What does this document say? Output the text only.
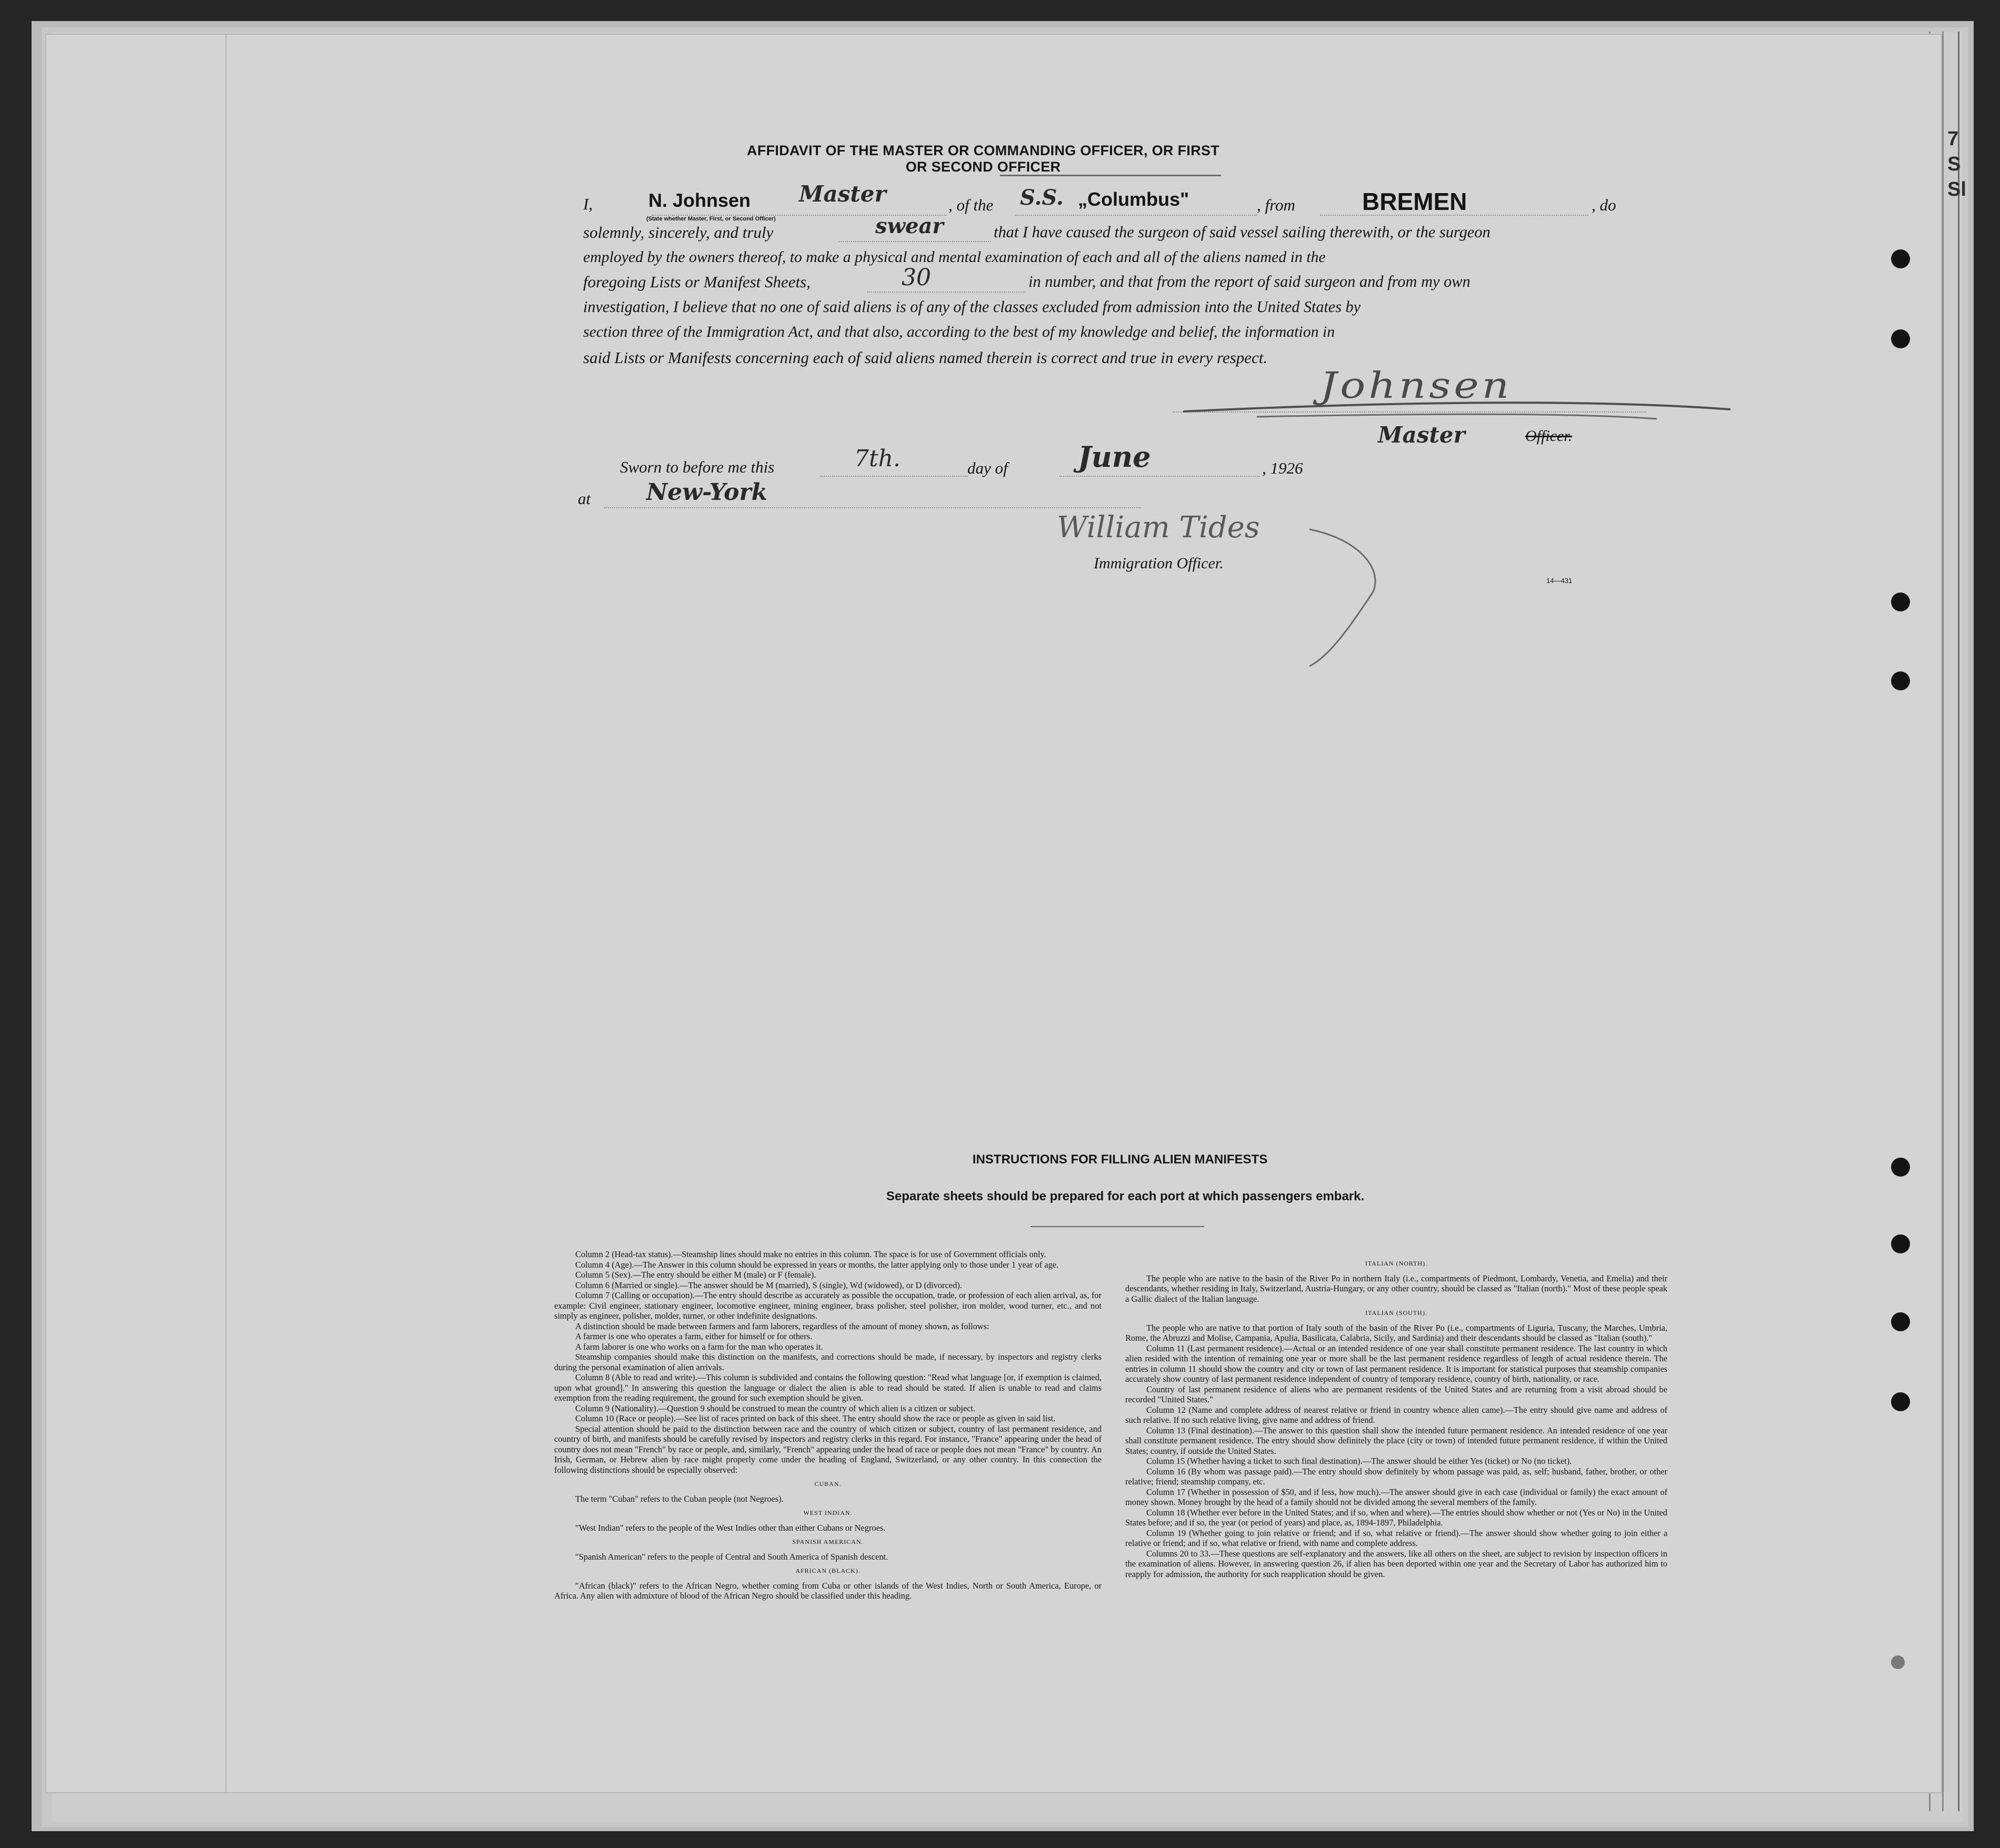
7
S
Sl
AFFIDAVIT OF THE MASTER OR COMMANDING OFFICER, OR FIRST OR SECOND OFFICER
I,	N. Johnsen Master
(State whether Master, First, or Second Officer)
, of the S.S. „Columbus"	, from	BREMEN	, do
solemnly, sincerely, and truly	swear	that I have caused the surgeon of said vessel sailing therewith, or the surgeon
employed by the owners thereof, to make a physical and mental examination of each and all of the aliens named in the
foregoing Lists or Manifest Sheets,	30	in number, and that from the report of said surgeon and from my own
investigation, I believe that no one of said aliens is of any of the classes excluded from admission into the United States by
section three of the Immigration Act, and that also, according to the best of my knowledge and belief, the information in
said Lists or Manifests concerning each of said aliens named therein is correct and true in every respect.
Johnsen
Master	Officer.
Sworn to before me this	7th.	day of June	, 1926
at New-York
William Tides
Immigration Officer.
14—431
INSTRUCTIONS FOR FILLING ALIEN MANIFESTS
Separate sheets should be prepared for each port at which passengers embark.

Column 2 (Head-tax status).—Steamship lines should make no entries in this column. The space is for use of Government officials only.

Column 4 (Age).—The Answer in this column should be expressed in years or months, the latter applying only to those under 1 year of age.

Column 5 (Sex).—The entry should be either M (male) or F (female).

Column 6 (Married or single).—The answer should be M (married), S (single), Wd (widowed), or D (divorced).

Column 7 (Calling or occupation).—The entry should describe as accurately as possible the occupation, trade, or profession of each alien arrival, as, for example: Civil engineer, stationary engineer, locomotive engineer, mining engineer, brass polisher, steel polisher, iron molder, wood turner, etc., and not simply as engineer, polisher, molder, turner, or other indefinite designations.

A distinction should be made between farmers and farm laborers, regardless of the amount of money shown, as follows:

A farmer is one who operates a farm, either for himself or for others.

A farm laborer is one who works on a farm for the man who operates it.

Steamship companies should make this distinction on the manifests, and corrections should be made, if necessary, by inspectors and registry clerks during the personal examination of alien arrivals.

Column 8 (Able to read and write).—This column is subdivided and contains the following question: "Read what language [or, if exemption is claimed, upon what ground]." In answering this question the language or dialect the alien is able to read should be stated. If alien is unable to read and claims exemption from the reading requirement, the ground for such exemption should be given.

Column 9 (Nationality).—Question 9 should be construed to mean the country of which alien is a citizen or subject.

Column 10 (Race or people).—See list of races printed on back of this sheet. The entry should show the race or people as given in said list.

Special attention should be paid to the distinction between race and the country of which citizen or subject, country of last permanent residence, and country of birth, and manifests should be carefully revised by inspectors and registry clerks in this regard. For instance, "France" appearing under the head of country does not mean "French" by race or people, and, similarly, "French" appearing under the head of race or people does not mean "France" by country. An Irish, German, or Hebrew alien by race might properly come under the heading of England, Switzerland, or any other country. In this connection the following distinctions should be especially observed:

CUBAN.

The term "Cuban" refers to the Cuban people (not Negroes).

WEST INDIAN.

"West Indian" refers to the people of the West Indies other than either Cubans or Negroes.

SPANISH AMERICAN.

"Spanish American" refers to the people of Central and South America of Spanish descent.

AFRICAN (BLACK).

"African (black)" refers to the African Negro, whether coming from Cuba or other islands of the West Indies, North or South America, Europe, or Africa. Any alien with admixture of blood of the African Negro should be classified under this heading.

ITALIAN (NORTH).

The people who are native to the basin of the River Po in northern Italy (i.e., compartments of Piedmont, Lombardy, Venetia, and Emelia) and their descendants, whether residing in Italy, Switzerland, Austria-Hungary, or any other country, should be classed as "Italian (north)." Most of these people speak a Gallic dialect of the Italian language.

ITALIAN (SOUTH).

The people who are native to that portion of Italy south of the basin of the River Po (i.e., compartments of Liguria, Tuscany, the Marches, Umbria, Rome, the Abruzzi and Molise, Campania, Apulia, Basilicata, Calabria, Sicily, and Sardinia) and their descendants should be classed as "Italian (south)."

Column 11 (Last permanent residence).—Actual or an intended residence of one year shall constitute permanent residence. The last country in which alien resided with the intention of remaining one year or more shall be the last permanent residence regardless of length of actual residence therein. The entries in column 11 should show the country and city or town of last permanent residence. It is important for statistical purposes that steamship companies accurately show country of last permanent residence independent of country of temporary residence, country of birth, nationality, or race.

Country of last permanent residence of aliens who are permanent residents of the United States and are returning from a visit abroad should be recorded "United States."

Column 12 (Name and complete address of nearest relative or friend in country whence alien came).—The entry should give name and address of such relative. If no such relative living, give name and address of friend.

Column 13 (Final destination).—The answer to this question shall show the intended future permanent residence. An intended residence of one year shall constitute permanent residence. The entry should show definitely the place (city or town) of intended future permanent residence, if within the United States; country, if outside the United States.

Column 15 (Whether having a ticket to such final destination).—The answer should be either Yes (ticket) or No (no ticket).

Column 16 (By whom was passage paid).—The entry should show definitely by whom passage was paid, as, self; husband, father, brother, or other relative; friend; steamship company, etc.

Column 17 (Whether in possession of $50, and if less, how much).—The answer should give in each case (individual or family) the exact amount of money shown. Money brought by the head of a family should not be divided among the several members of the family.

Column 18 (Whether ever before in the United States; and if so, when and where).—The entries should show whether or not (Yes or No) in the United States before; and if so, the year (or period of years) and place, as, 1894-1897, Philadelphia.

Column 19 (Whether going to join relative or friend; and if so, what relative or friend).—The answer should show whether going to join either a relative or friend; and if so, what relative or friend, with name and complete address.

Columns 20 to 33.—These questions are self-explanatory and the answers, like all others on the sheet, are subject to revision by inspection officers in the examination of aliens. However, in answering question 26, if alien has been deported within one year and the Secretary of Labor has authorized him to reapply for admission, the authority for such reapplication should be given.
